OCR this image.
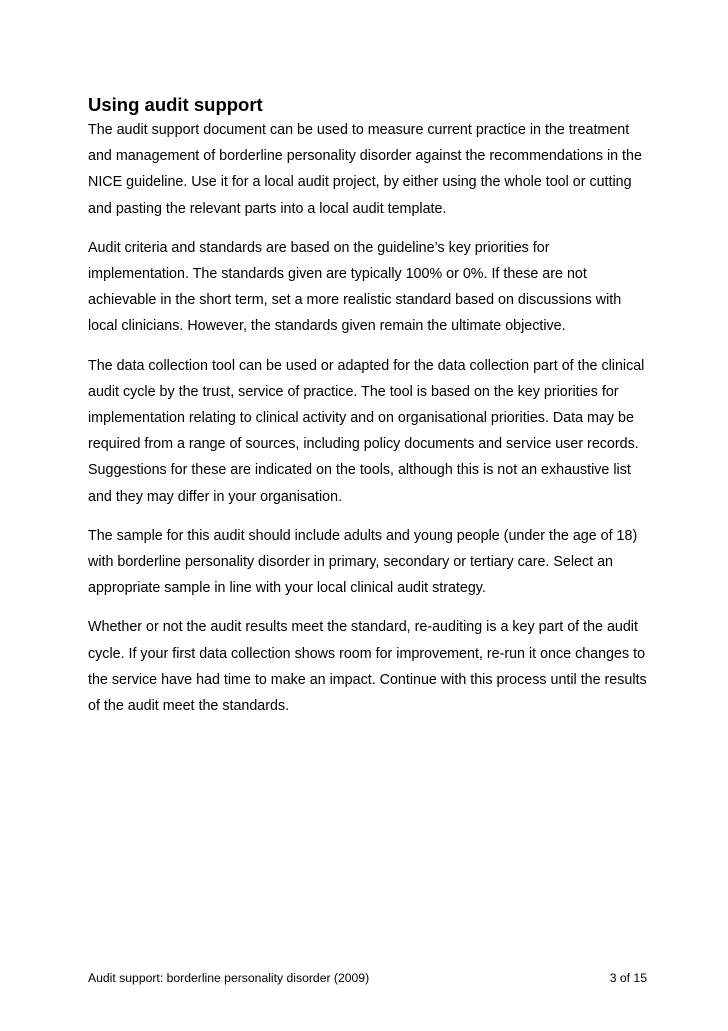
Using audit support

The audit support document can be used to measure current practice in the treatment and management of borderline personality disorder against the recommendations in the NICE guideline. Use it for a local audit project, by either using the whole tool or cutting and pasting the relevant parts into a local audit template.

Audit criteria and standards are based on the guideline’s key priorities for implementation. The standards given are typically 100% or 0%. If these are not achievable in the short term, set a more realistic standard based on discussions with local clinicians. However, the standards given remain the ultimate objective.

The data collection tool can be used or adapted for the data collection part of the clinical audit cycle by the trust, service of practice. The tool is based on the key priorities for implementation relating to clinical activity and on organisational priorities. Data may be required from a range of sources, including policy documents and service user records. Suggestions for these are indicated on the tools, although this is not an exhaustive list and they may differ in your organisation.

The sample for this audit should include adults and young people (under the age of 18) with borderline personality disorder in primary, secondary or tertiary care. Select an appropriate sample in line with your local clinical audit strategy.

Whether or not the audit results meet the standard, re-auditing is a key part of the audit cycle. If your first data collection shows room for improvement, re-run it once changes to the service have had time to make an impact. Continue with this process until the results of the audit meet the standards.

Audit support: borderline personality disorder (2009)	3 of 15
